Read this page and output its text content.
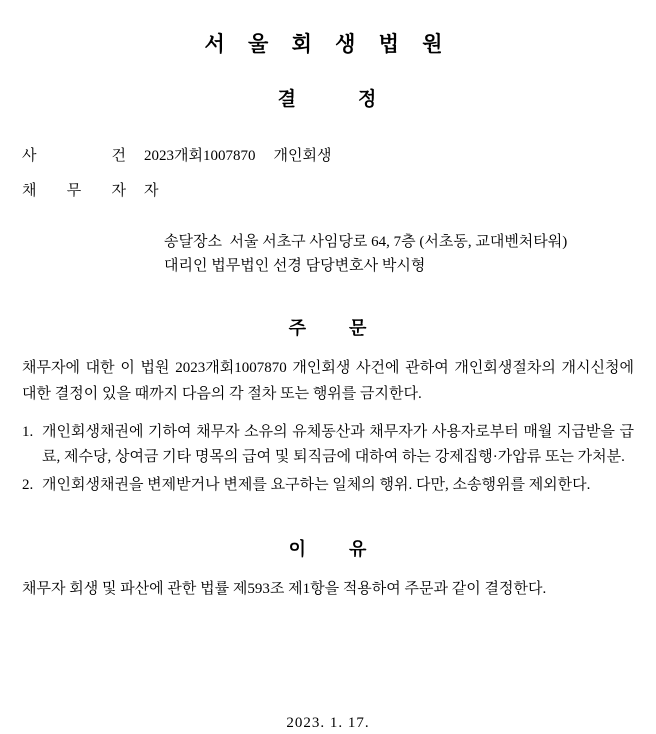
서 울 회 생 법 원
결	정
사	건 2023개회1007870 개인회생
채 무 자 자
송달장소 서울 서초구 사임당로 64, 7층 (서초동, 교대벤처타워)
대리인 법무법인 선경 담당변호사 박시형
주 문

채무자에 대한 이 법원 2023개회1007870 개인회생 사건에 관하여 개인회생절차의 개시신청에 대한 결정이 있을 때까지 다음의 각 절차 또는 행위를 금지한다.

1. 개인회생채권에 기하여 채무자 소유의 유체동산과 채무자가 사용자로부터 매월 지급받을 급료, 제수당, 상여금 기타 명목의 급여 및 퇴직금에 대하여 하는 강제집행·가압류 또는 가처분.
2. 개인회생채권을 변제받거나 변제를 요구하는 일체의 행위. 다만, 소송행위를 제외한다.
이 유

채무자 회생 및 파산에 관한 법률 제593조 제1항을 적용하여 주문과 같이 결정한다.

2023. 1. 17.
